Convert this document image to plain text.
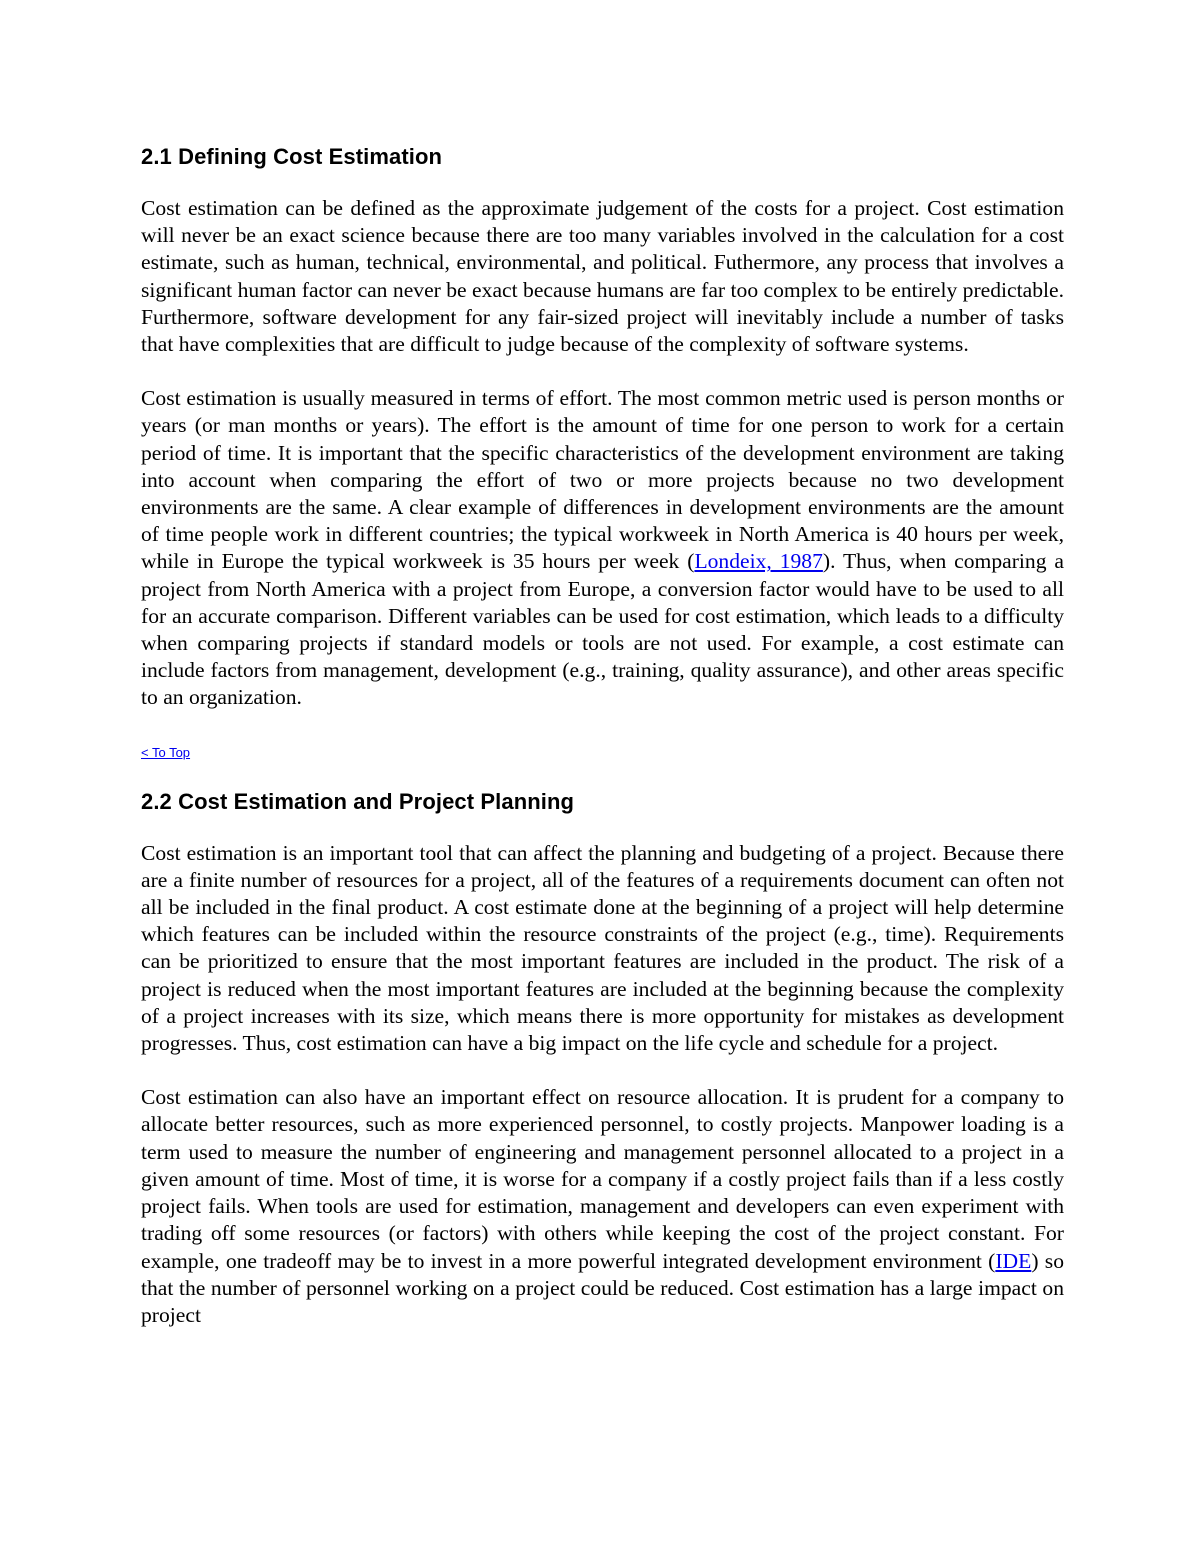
2.1 Defining Cost Estimation

Cost estimation can be defined as the approximate judgement of the costs for a project. Cost estimation will never be an exact science because there are too many variables involved in the calculation for a cost estimate, such as human, technical, environmental, and political. Futhermore, any process that involves a significant human factor can never be exact because humans are far too complex to be entirely predictable. Furthermore, software development for any fair-sized project will inevitably include a number of tasks that have complexities that are difficult to judge because of the complexity of software systems.

Cost estimation is usually measured in terms of effort. The most common metric used is person months or years (or man months or years). The effort is the amount of time for one person to work for a certain period of time. It is important that the specific characteristics of the development environment are taking into account when comparing the effort of two or more projects because no two development environments are the same. A clear example of differences in development environments are the amount of time people work in different countries; the typical workweek in North America is 40 hours per week, while in Europe the typical workweek is 35 hours per week (Londeix, 1987). Thus, when comparing a project from North America with a project from Europe, a conversion factor would have to be used to all for an accurate comparison. Different variables can be used for cost estimation, which leads to a difficulty when comparing projects if standard models or tools are not used. For example, a cost estimate can include factors from management, development (e.g., training, quality assurance), and other areas specific to an organization.

< To Top
2.2 Cost Estimation and Project Planning

Cost estimation is an important tool that can affect the planning and budgeting of a project. Because there are a finite number of resources for a project, all of the features of a requirements document can often not all be included in the final product. A cost estimate done at the beginning of a project will help determine which features can be included within the resource constraints of the project (e.g., time). Requirements can be prioritized to ensure that the most important features are included in the product. The risk of a project is reduced when the most important features are included at the beginning because the complexity of a project increases with its size, which means there is more opportunity for mistakes as development progresses. Thus, cost estimation can have a big impact on the life cycle and schedule for a project.

Cost estimation can also have an important effect on resource allocation. It is prudent for a company to allocate better resources, such as more experienced personnel, to costly projects. Manpower loading is a term used to measure the number of engineering and management personnel allocated to a project in a given amount of time. Most of time, it is worse for a company if a costly project fails than if a less costly project fails. When tools are used for estimation, management and developers can even experiment with trading off some resources (or factors) with others while keeping the cost of the project constant. For example, one tradeoff may be to invest in a more powerful integrated development environment (IDE) so that the number of personnel working on a project could be reduced. Cost estimation has a large impact on project
